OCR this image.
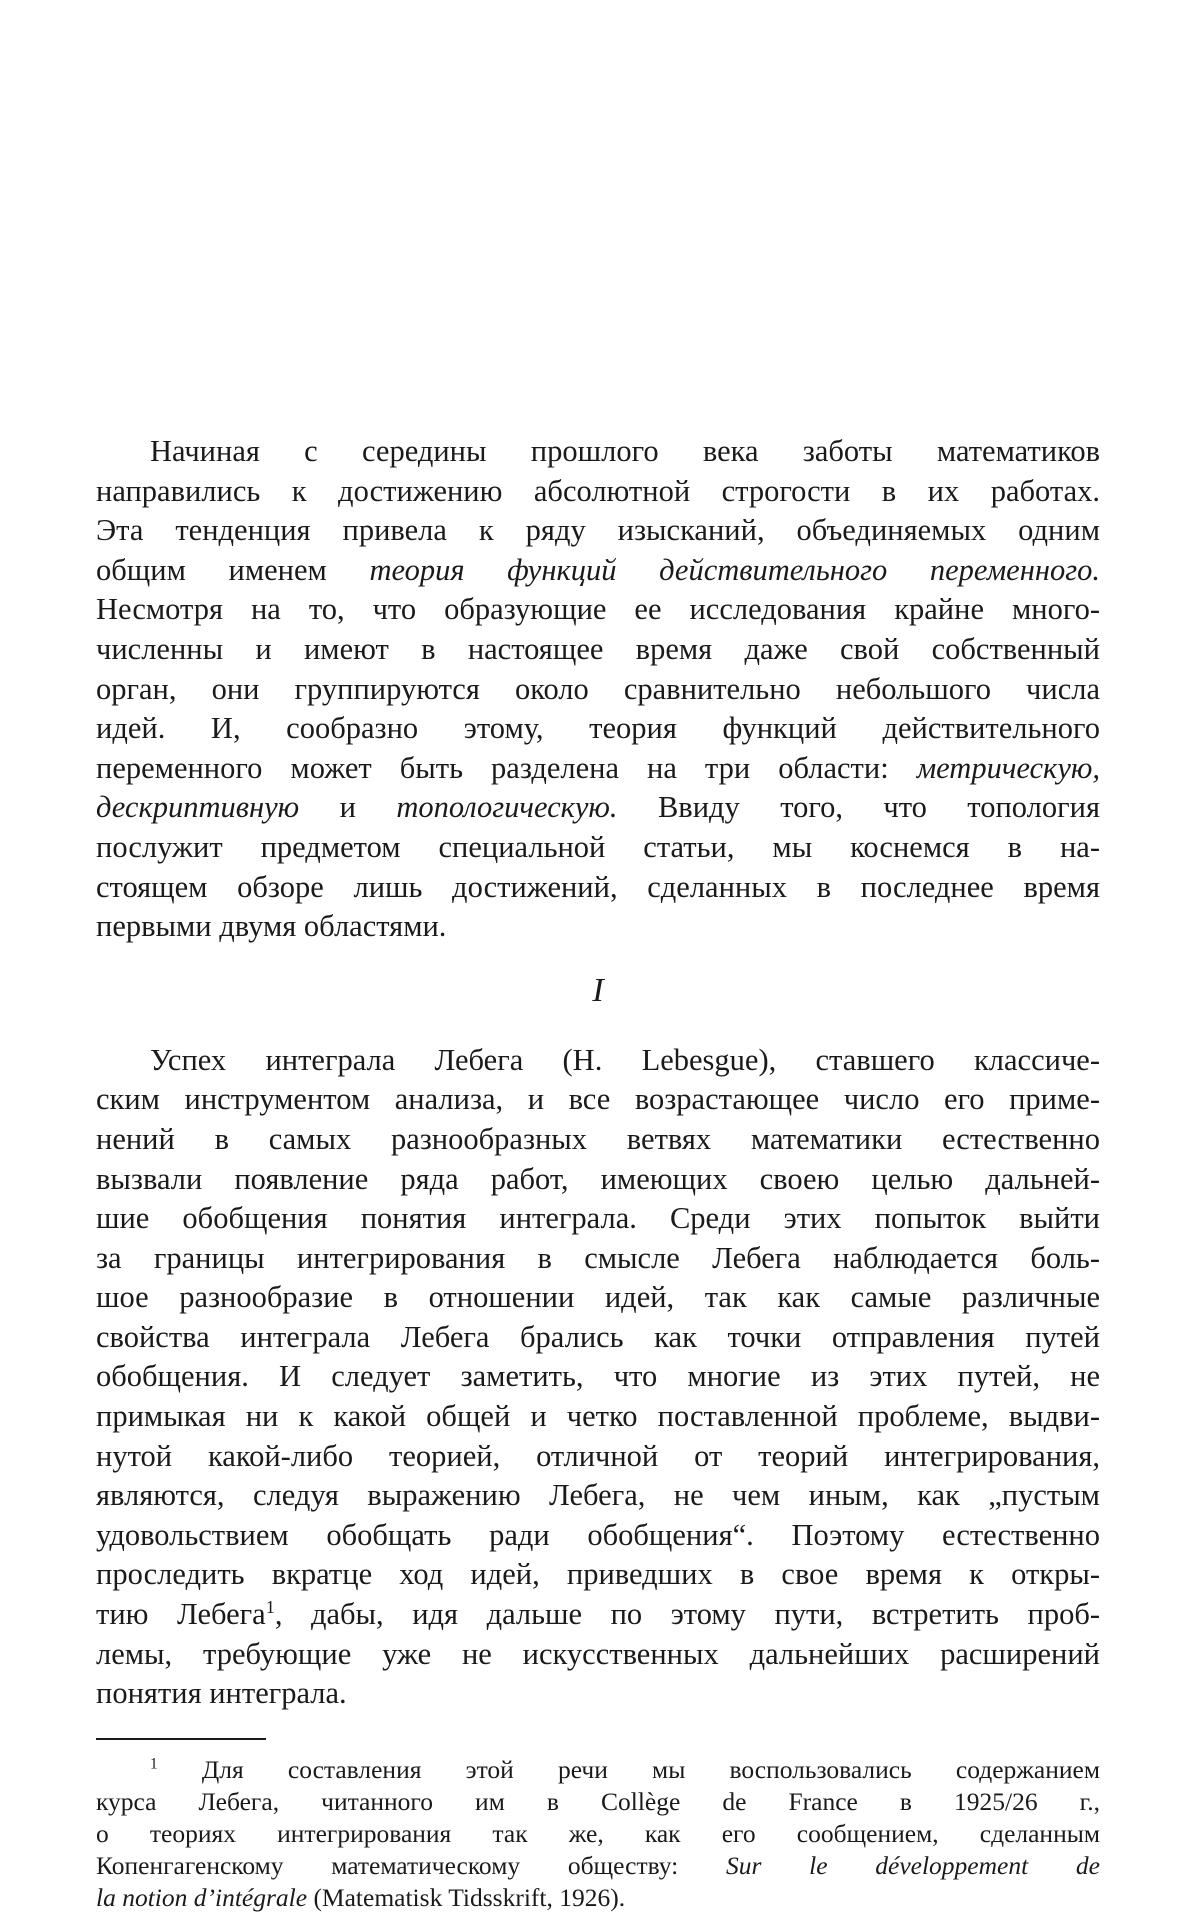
Начиная с середины прошлого века заботы математиков
направились к достижению абсолютной строгости в их работах.
Эта тенденция привела к ряду изысканий, объединяемых одним
общим именем теория функций действительного переменного.
Несмотря на то, что образующие ее исследования крайне много-
численны и имеют в настоящее время даже свой собственный
орган, они группируются около сравнительно небольшого числа
идей. И, сообразно этому, теория функций действительного
переменного может быть разделена на три области: метрическую,
дескриптивную и топологическую. Ввиду того, что топология
послужит предметом специальной статьи, мы коснемся в на-
стоящем обзоре лишь достижений, сделанных в последнее время
первыми двумя областями.
I
Успех интеграла Лебега (H. Lebesgue), ставшего классиче-
ским инструментом анализа, и все возрастающее число его приме-
нений в самых разнообразных ветвях математики естественно
вызвали появление ряда работ, имеющих своею целью дальней-
шие обобщения понятия интеграла. Среди этих попыток выйти
за границы интегрирования в смысле Лебега наблюдается боль-
шое разнообразие в отношении идей, так как самые различные
свойства интеграла Лебега брались как точки отправления путей
обобщения. И следует заметить, что многие из этих путей, не
примыкая ни к какой общей и четко поставленной проблеме, выдви-
нутой какой-либо теорией, отличной от теорий интегрирования,
являются, следуя выражению Лебега, не чем иным, как „пустым
удовольствием обобщать ради обобщения“. Поэтому естественно
проследить вкратце ход идей, приведших в свое время к откры-
тию Лебега$^1$, дабы, идя дальше по этому пути, встретить проб-
лемы, требующие уже не искусственных дальнейших расширений
понятия интеграла.
$^1$ Для составления этой речи мы воспользовались содержанием
курса Лебега, читанного им в Collège de France в 1925/26 г.,
о теориях интегрирования так же, как его сообщением, сделанным
Копенгагенскому математическому обществу: Sur le développement de
la notion d’intégrale (Matematisk Tidsskrift, 1926).
